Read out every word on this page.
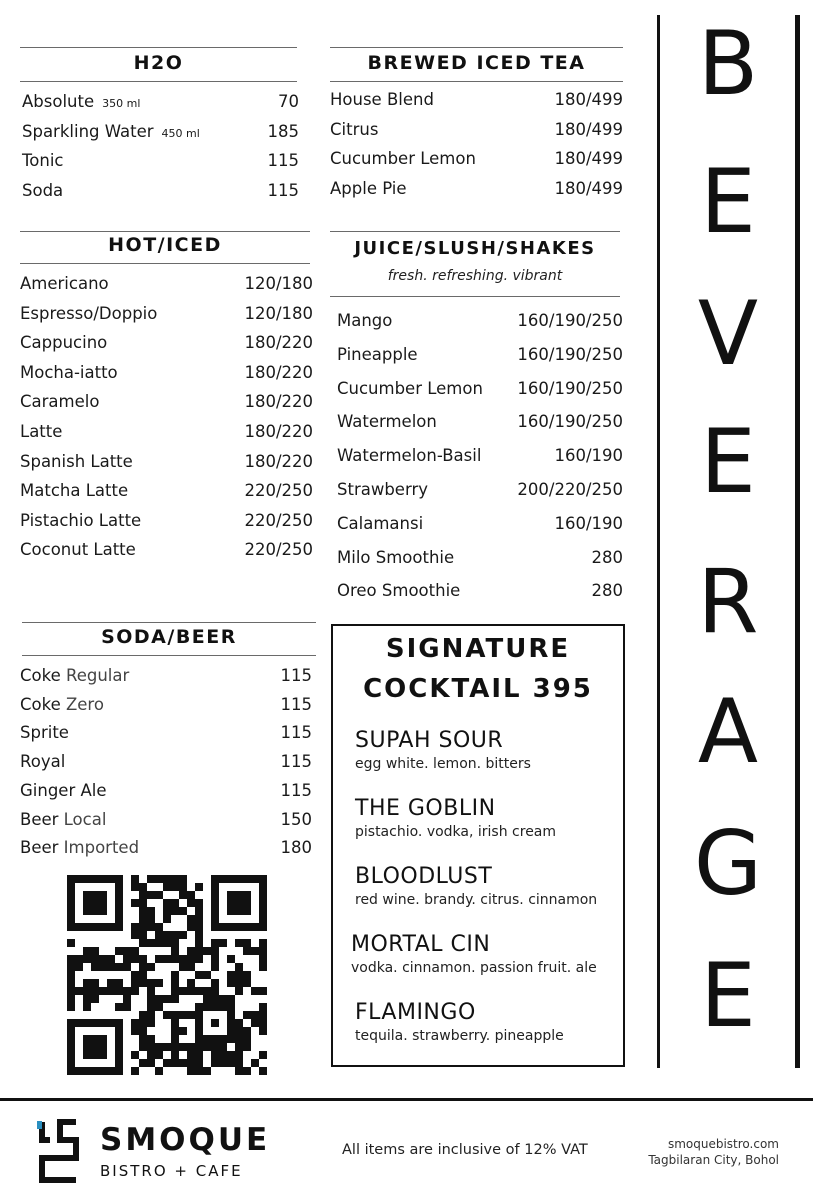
H2O
Absolute 350 ml	70
Sparkling Water 450 ml	185
Tonic	115
Soda	115
BREWED ICED TEA
House Blend	180/499
Citrus	180/499
Cucumber Lemon	180/499
Apple Pie	180/499
HOT/ICED
Americano	120/180
Espresso/Doppio	120/180
Cappucino	180/220
Mocha-iatto	180/220
Caramelo	180/220
Latte	180/220
Spanish Latte	180/220
Matcha Latte	220/250
Pistachio Latte	220/250
Coconut Latte	220/250
JUICE/SLUSH/SHAKES
fresh. refreshing. vibrant
Mango	160/190/250
Pineapple	160/190/250
Cucumber Lemon 160/190/250
Watermelon	160/190/250
Watermelon-Basil	160/190
Strawberry	200/220/250
Calamansi	160/190
Milo Smoothie	280
Oreo Smoothie	280
SODA/BEER
Coke Regular	115
Coke Zero	115
Sprite	115
Royal	115
Ginger Ale	115
Beer Local	150
Beer Imported	180
SIGNATURE
COCKTAIL 395
SUPAH SOUR
egg white. lemon. bitters
THE GOBLIN
pistachio. vodka, irish cream
BLOODLUST
red wine. brandy. citrus. cinnamon
MORTAL CIN
vodka. cinnamon. passion fruit. ale
FLAMINGO
tequila. strawberry. pineapple
B
E
V
E
R
A
G
E
SMOQUE
BISTRO + CAFE
All items are inclusive of 12% VAT	smoquebistro.com
Tagbilaran City, Bohol
